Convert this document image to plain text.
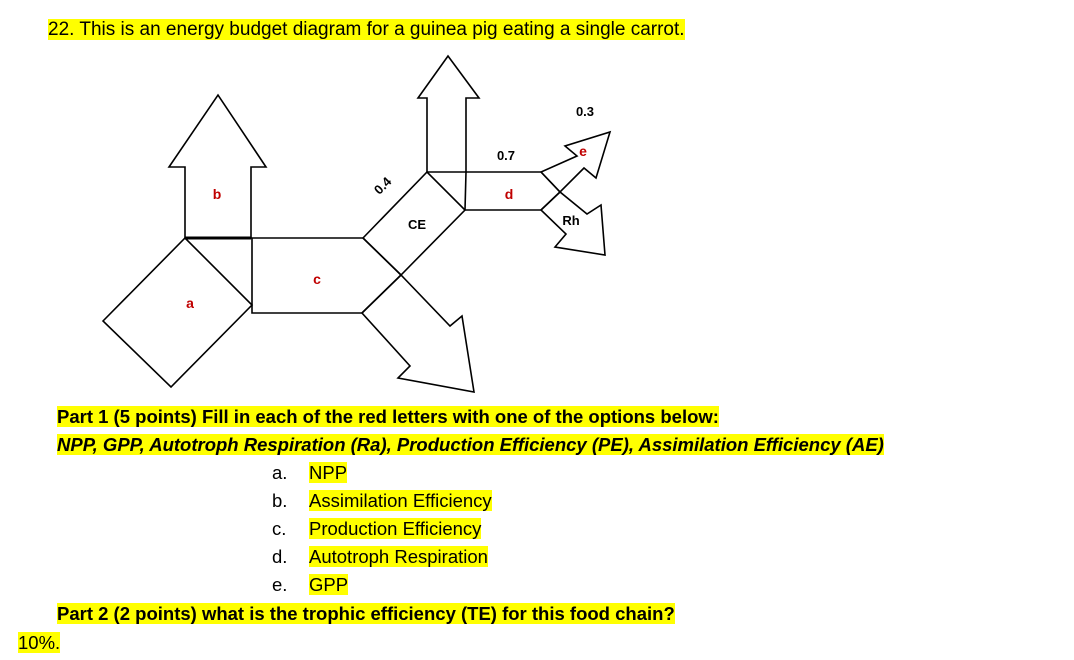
22. This is an energy budget diagram for a guinea pig eating a single carrot.
a
b
c
d
e
CE	Rh
0.4
0.7
0.3
Part 1 (5 points) Fill in each of the red letters with one of the options below:
NPP, GPP, Autotroph Respiration (Ra), Production Efficiency (PE), Assimilation Efficiency (AE)
a. NPP
b. Assimilation Efficiency
c. Production Efficiency
d. Autotroph Respiration
e. GPP
Part 2 (2 points) what is the trophic efficiency (TE) for this food chain?
10%.
